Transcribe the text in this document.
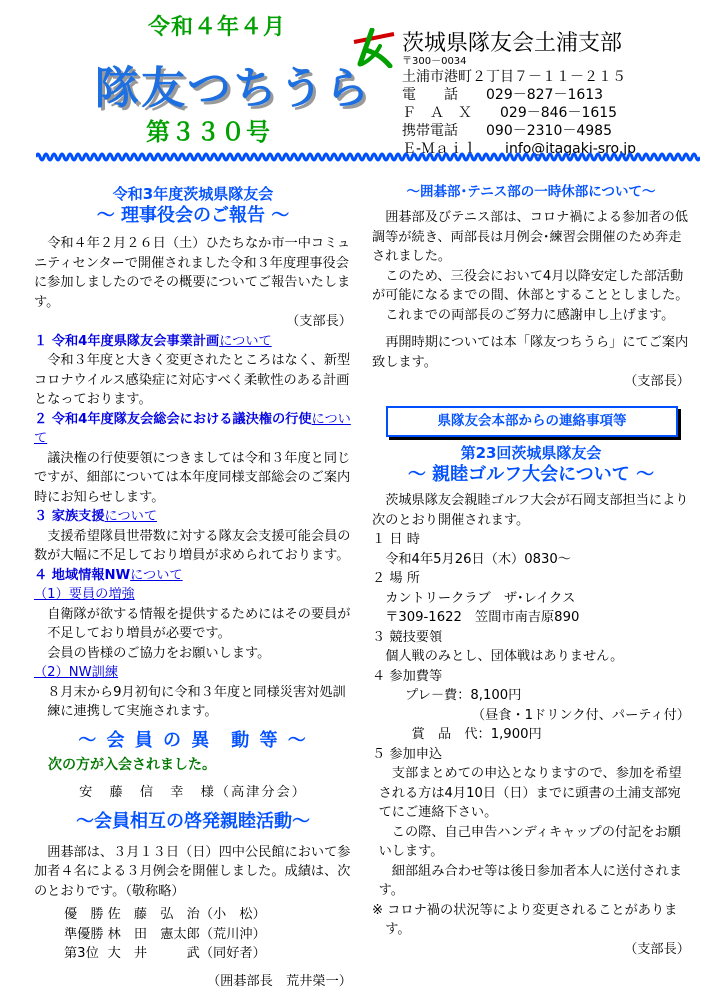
令和４年４月
隊友つちうら
第３３０号
茨城県隊友会土浦支部
〒300－0034
土浦市港町２丁目７－１１－２１５
電　　話　　029－827－1613
Ｆ　Ａ　Ｘ　　029－846－1615
携帯電話　　090－2310－4985
Ｅ-Ｍａｉｌ　　info@itagaki-sro.jp
令和3年度茨城県隊友会
～ 理事役会のご報告 ～

令和４年２月２６日（土）ひたちなか市一中コミュニティセンターで開催されました令和３年度理事役会に参加しましたのでその概要についてご報告いたします。

（支部長）

１ 令和4年度県隊友会事業計画について

令和３年度と大きく変更されたところはなく、新型コロナウイルス感染症に対応すべく柔軟性のある計画となっております。

２ 令和4年度隊友会総会における議決権の行使について

議決権の行使要領につきましては令和３年度と同じですが、細部については本年度同様支部総会のご案内時にお知らせします。

３ 家族支援について

支援希望隊員世帯数に対する隊友会支援可能会員の数が大幅に不足しており増員が求められております。

４ 地域情報NWについて
（1）要員の増強

自衛隊が欲する情報を提供するためにはその要員が不足しており増員が必要です。

会員の皆様のご協力をお願いします。

（2）NW訓練

８月末から9月初旬に令和３年度と同様災害対処訓練に連携して実施されます。

～ 会 員 の 異　動 等 ～
次の方が入会されました。
安　藤　信　幸　様（高津分会）
～会員相互の啓発親睦活動～

囲碁部は、３月１３日（日）四中公民館において参加者４名による３月例会を開催しました。成績は、次のとおりです。（敬称略）

優　勝	佐　藤　弘　治（小　松）
準優勝	林　田　憲太郎（荒川沖）
第3位	大　井　　　武（同好者）

（囲碁部長　荒井榮一）

～囲碁部･テニス部の一時休部について～

囲碁部及びテニス部は、コロナ禍による参加者の低調等が続き、両部長は月例会･練習会開催のため奔走されました。

このため、三役会において4月以降安定した部活動が可能になるまでの間、休部とすることとしました。

これまでの両部長のご努力に感謝申し上げます。

再開時期については本「隊友つちうら」にてご案内致します。

（支部長）

県隊友会本部からの連絡事項等
第23回茨城県隊友会
～ 親睦ゴルフ大会について ～

茨城県隊友会親睦ゴルフ大会が石岡支部担当により次のとおり開催されます。

１ 日 時
令和4年5月26日（木）0830～
２ 場 所
カントリークラブ　ザ･レイクス
〒309-1622　笠間市南吉原890
３ 競技要領
個人戦のみとし、団体戦はありません。
４ 参加費等
プレ－費：8,100円
（昼食・1ドリンク付、パーティ付）
賞　品　代：1,900円
５ 参加申込

支部まとめての申込となりますので、参加を希望される方は4月10日（日）までに頭書の土浦支部宛てにご連絡下さい。

この際、自己申告ハンディキャップの付記をお願いします。

細部組み合わせ等は後日参加者本人に送付されます。

※ コロナ禍の状況等により変更されることがあります。

（支部長）
